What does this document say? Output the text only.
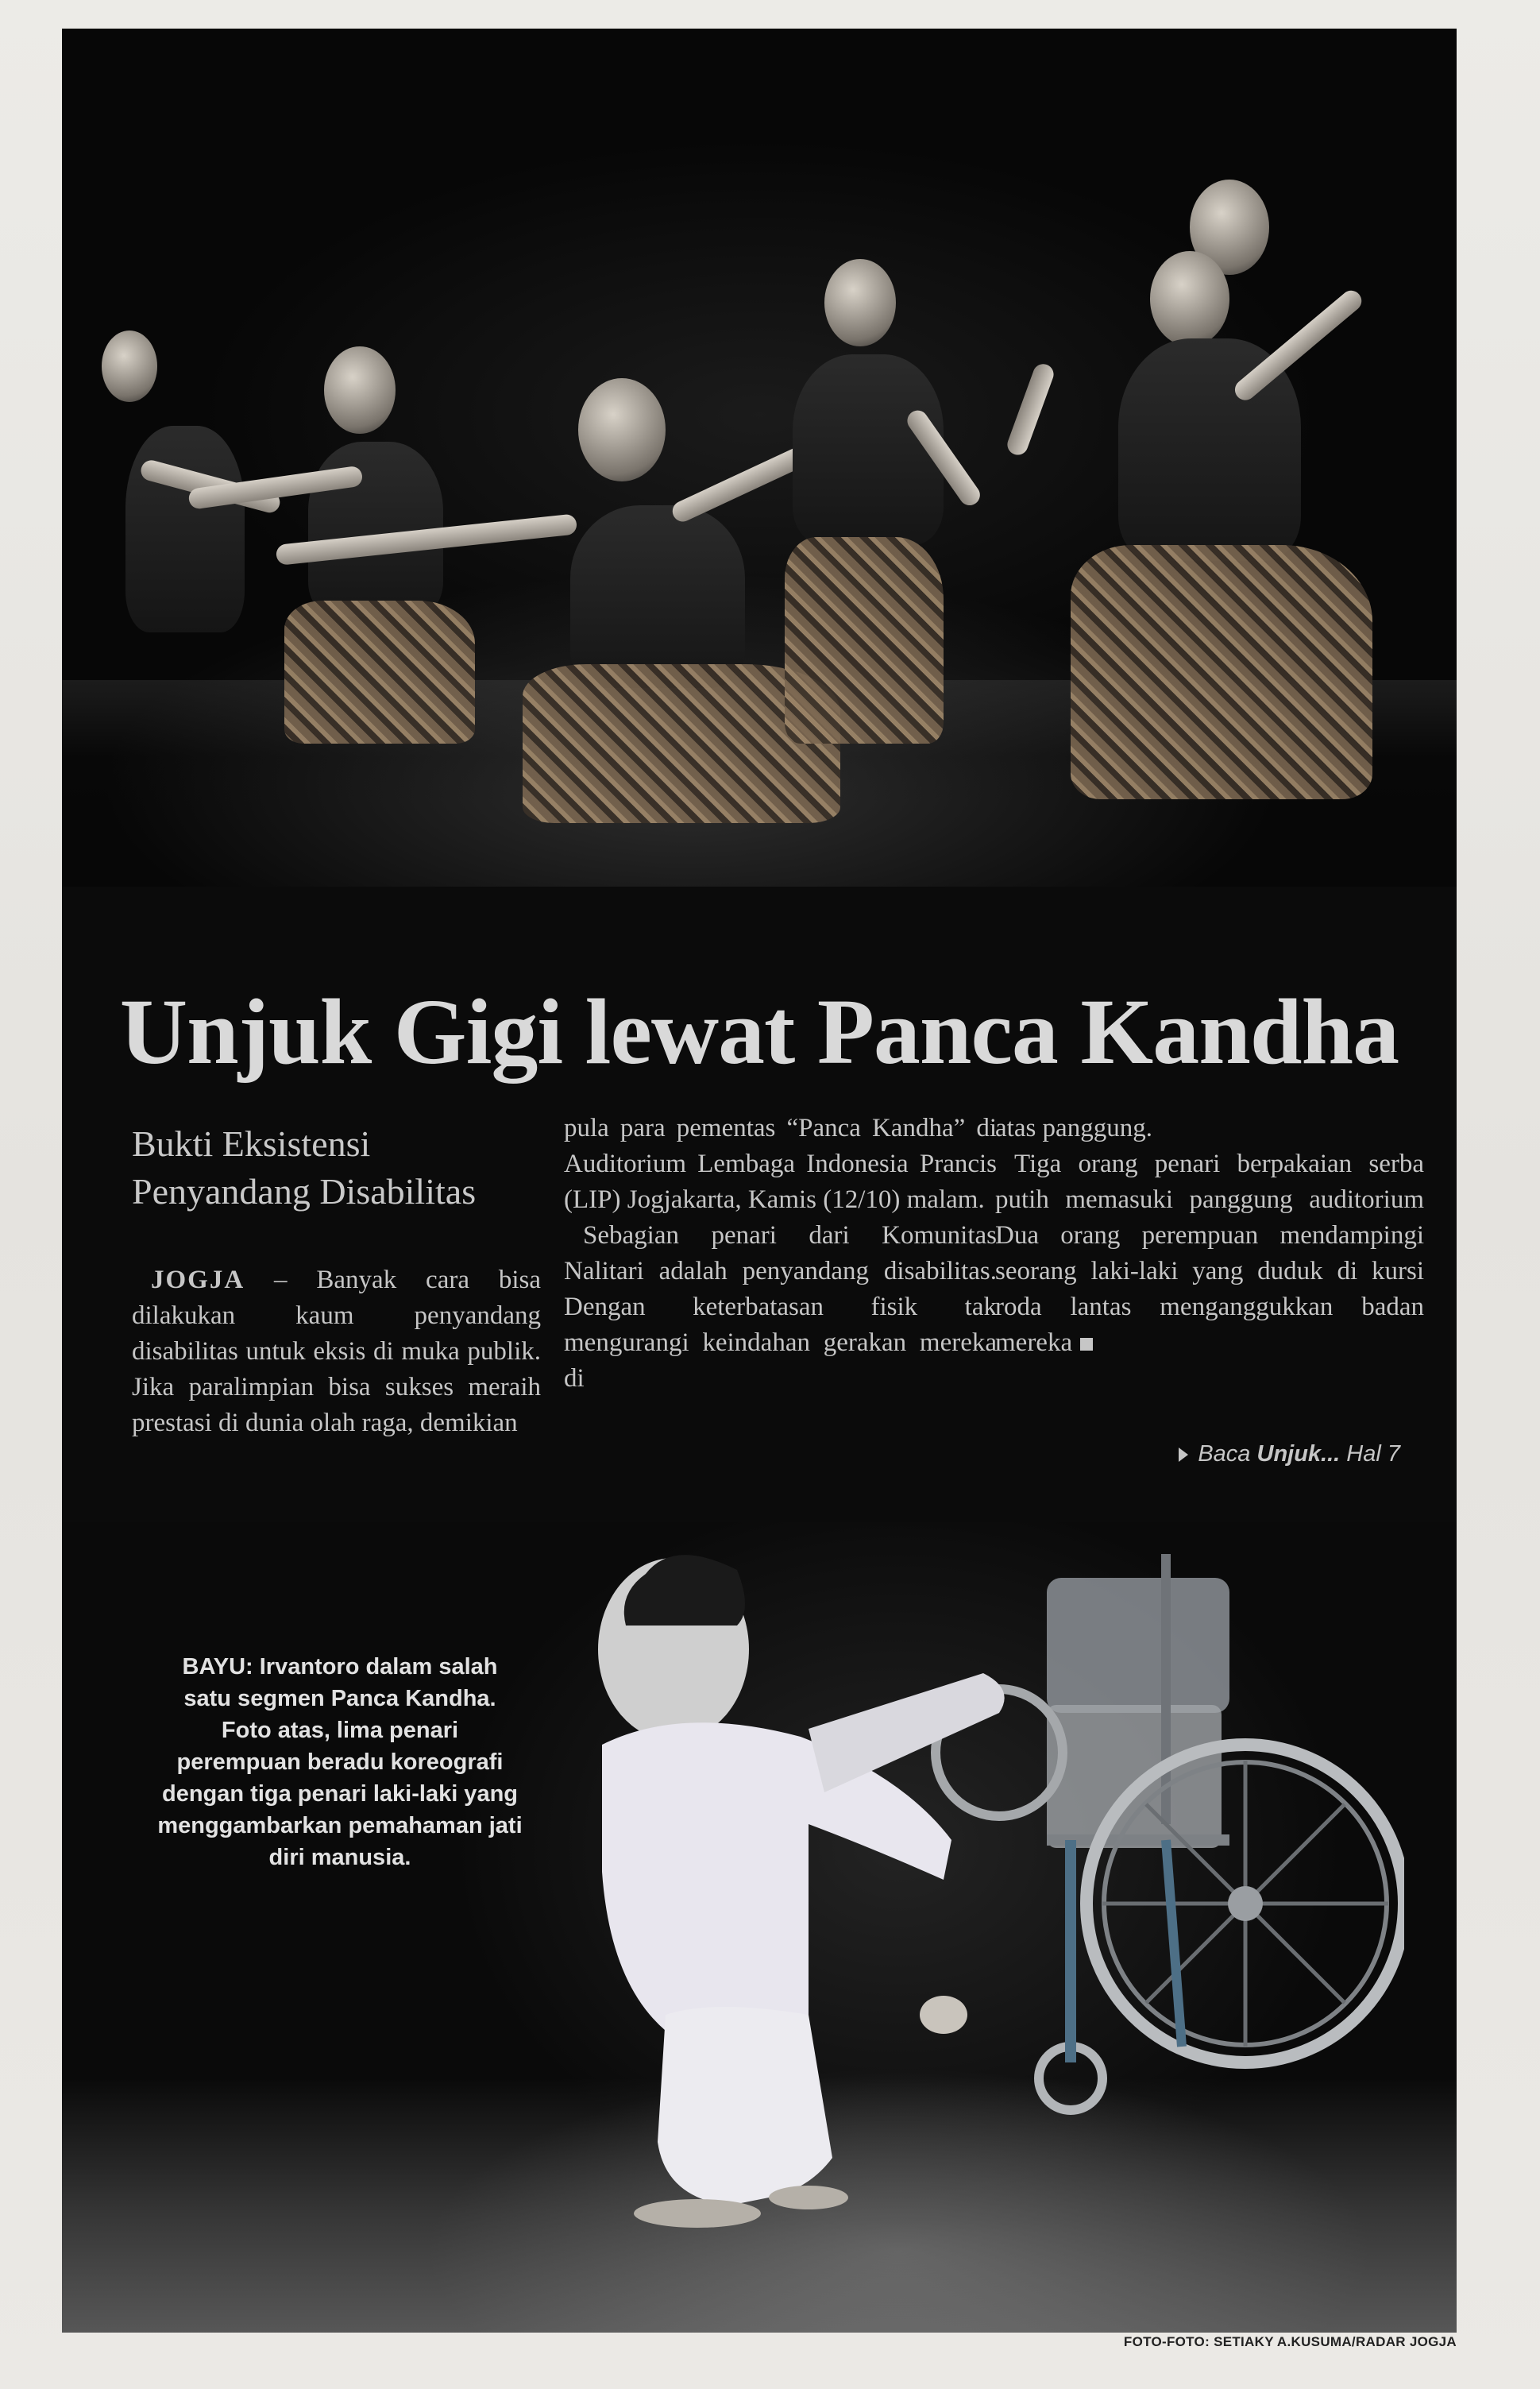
Unjuk Gigi lewat Panca Kandha
Bukti Eksistensi
Penyandang Disabilitas

JOGJA – Banyak cara bisa dilakukan kaum penyandang disabilitas untuk eksis di muka publik. Jika paralimpian bisa sukses meraih prestasi di dunia olah raga, demikian

pula para pementas “Panca Kandha” di Auditorium Lembaga Indonesia Prancis (LIP) Jogjakarta, Kamis (12/10) malam.

Sebagian penari dari Komunitas Nalitari adalah penyandang disabilitas. Dengan keterbatasan fisik tak mengurangi keindahan gerakan mereka di

atas panggung.

Tiga orang penari berpakaian serba putih memasuki panggung auditorium Dua orang perempuan mendampingi seorang laki-laki yang duduk di kursi roda lantas menganggukkan badan mereka

Baca Unjuk... Hal 7
BAYU: Irvantoro dalam salah satu segmen Panca Kandha. Foto atas, lima penari perempuan beradu koreografi dengan tiga penari laki-laki yang menggambarkan pemahaman jati diri manusia.
FOTO-FOTO: SETIAKY A.KUSUMA/RADAR JOGJA
